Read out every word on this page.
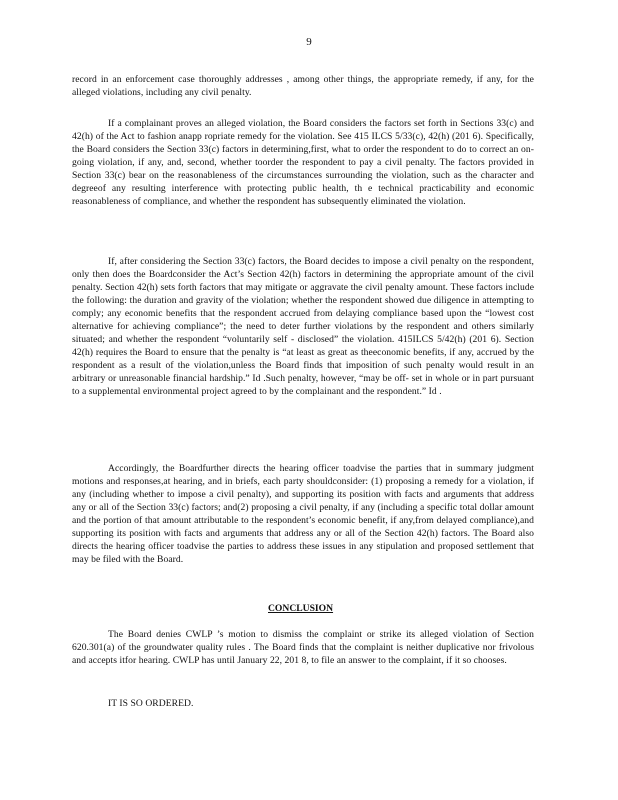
9
record in an enforcement case thoroughly addresses , among other things, the appropriate remedy, if any, for the alleged violations, including any civil penalty.
If a complainant proves an alleged violation, the Board considers the factors set forth in Sections 33(c) and 42(h) of the Act to fashion anapp ropriate remedy for the violation. See 415 ILCS 5/33(c), 42(h) (201 6). Specifically, the Board considers the Section 33(c) factors in determining,first, what to order the respondent to do to correct an on-going violation, if any, and, second, whether toorder the respondent to pay a civil penalty. The factors provided in Section 33(c) bear on the reasonableness of the circumstances surrounding the violation, such as the character and degreeof any resulting interference with protecting public health, th e technical practicability and economic reasonableness of compliance, and whether the respondent has subsequently eliminated the violation.
If, after considering the Section 33(c) factors, the Board decides to impose a civil penalty on the respondent, only then does the Boardconsider the Act’s Section 42(h) factors in determining the appropriate amount of the civil penalty. Section 42(h) sets forth factors that may mitigate or aggravate the civil penalty amount. These factors include the following: the duration and gravity of the violation; whether the respondent showed due diligence in attempting to comply; any economic benefits that the respondent accrued from delaying compliance based upon the “lowest cost alternative for achieving compliance”; the need to deter further violations by the respondent and others similarly situated; and whether the respondent “voluntarily self - disclosed” the violation. 415ILCS 5/42(h) (201 6). Section 42(h) requires the Board to ensure that the penalty is “at least as great as theeconomic benefits, if any, accrued by the respondent as a result of the violation,unless the Board finds that imposition of such penalty would result in an arbitrary or unreasonable financial hardship.” Id .Such penalty, however, “may be off- set in whole or in part pursuant to a supplemental environmental project agreed to by the complainant and the respondent.” Id .
Accordingly, the Boardfurther directs the hearing officer toadvise the parties that in summary judgment motions and responses,at hearing, and in briefs, each party shouldconsider: (1) proposing a remedy for a violation, if any (including whether to impose a civil penalty), and supporting its position with facts and arguments that address any or all of the Section 33(c) factors; and(2) proposing a civil penalty, if any (including a specific total dollar amount and the portion of that amount attributable to the respondent’s economic benefit, if any,from delayed compliance),and supporting its position with facts and arguments that address any or all of the Section 42(h) factors. The Board also directs the hearing officer toadvise the parties to address these issues in any stipulation and proposed settlement that may be filed with the Board.
CONCLUSION
The Board denies CWLP ’s motion to dismiss the complaint or strike its alleged violation of Section 620.301(a) of the groundwater quality rules . The Board finds that the complaint is neither duplicative nor frivolous and accepts itfor hearing. CWLP has until January 22, 201 8, to file an answer to the complaint, if it so chooses.
IT IS SO ORDERED.
